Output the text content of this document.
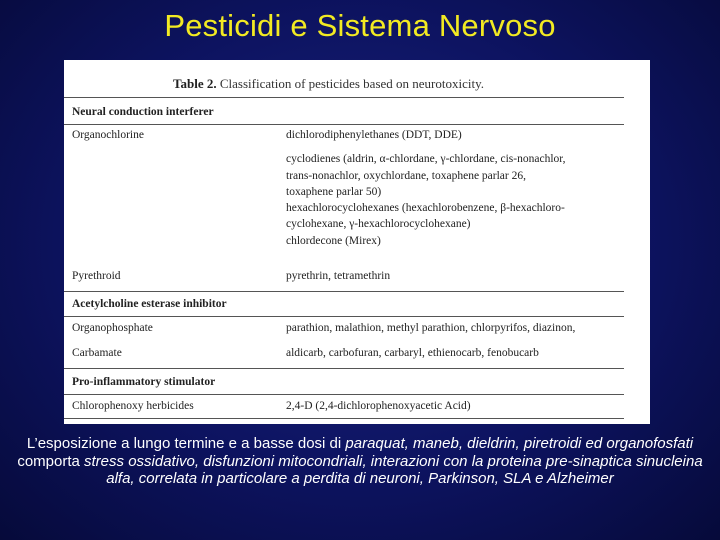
Pesticidi e Sistema Nervoso
Table 2. Classification of pesticides based on neurotoxicity.
Neural conduction interferer
Organochlorine	dichlorodiphenylethanes (DDT, DDE)
cyclodienes (aldrin, α-chlordane, γ-chlordane, cis-nonachlor,
trans-nonachlor, oxychlordane, toxaphene parlar 26,
toxaphene parlar 50)
hexachlorocyclohexanes (hexachlorobenzene, β-hexachloro-
cyclohexane, γ-hexachlorocyclohexane)
chlordecone (Mirex)
Pyrethroid	pyrethrin, tetramethrin
Acetylcholine esterase inhibitor
Organophosphate	parathion, malathion, methyl parathion, chlorpyrifos, diazinon,
Carbamate	aldicarb, carbofuran, carbaryl, ethienocarb, fenobucarb
Pro-inflammatory stimulator
Chlorophenoxy herbicides	2,4-D (2,4-dichlorophenoxyacetic Acid)
L’esposizione a lungo termine e a basse dosi di paraquat, maneb, dieldrin, piretroidi ed organofosfati comporta stress ossidativo, disfunzioni mitocondriali, interazioni con la proteina pre-sinaptica sinucleina alfa, correlata in particolare a perdita di neuroni, Parkinson, SLA e Alzheimer
